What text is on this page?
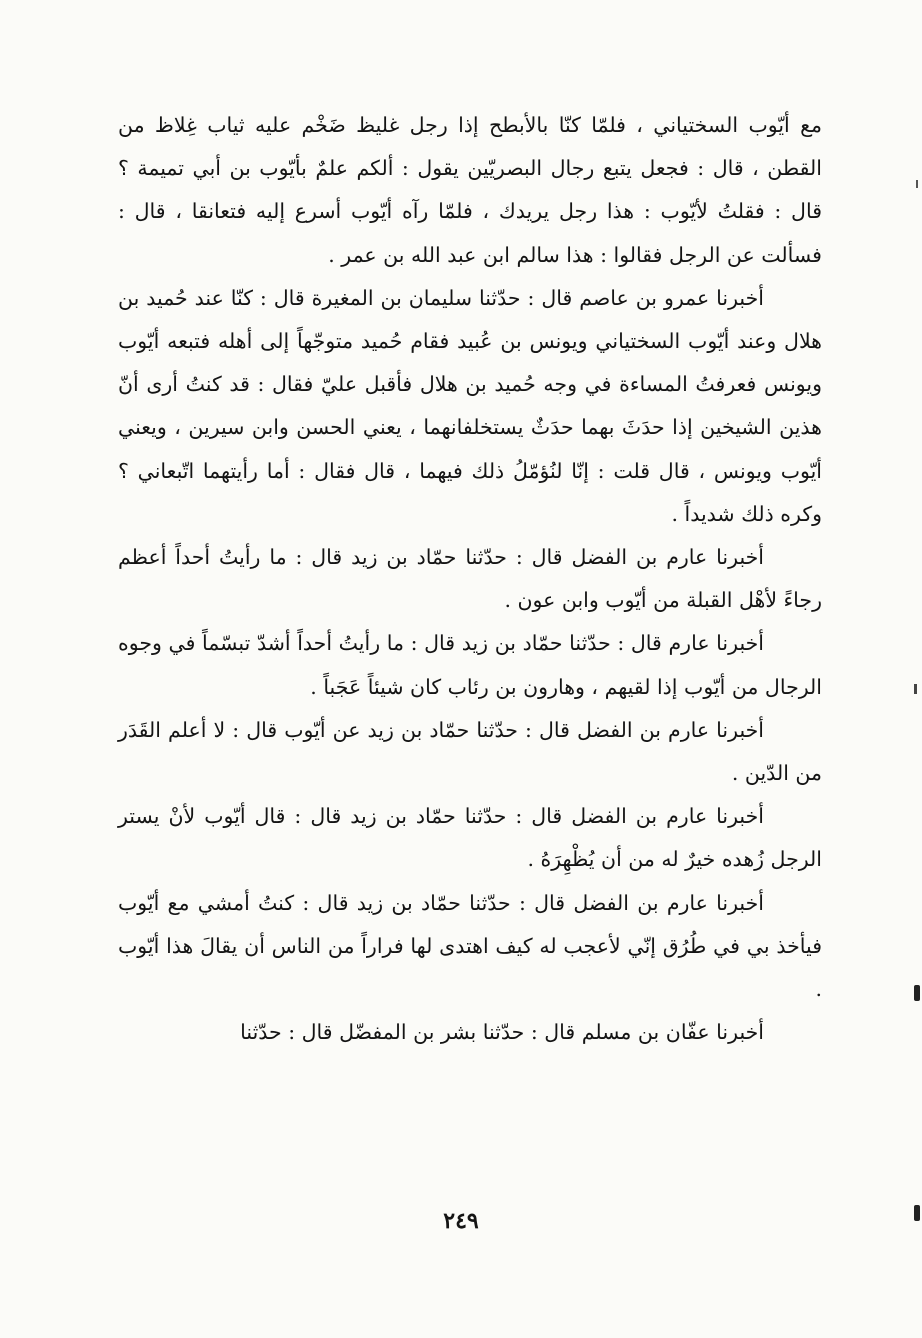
مع أيّوب السختياني ، فلمّا كنّا بالأبطح إذا رجل غليظ ضَخْم عليه ثياب غِلاظ من القطن ، قال : فجعل يتبع رجال البصريّين يقول : ألكم علمٌ بأيّوب بن أبي تميمة ؟ قال : فقلتُ لأيّوب : هذا رجل يريدك ، فلمّا رآه أيّوب أسرع إليه فتعانقا ، قال : فسألت عن الرجل فقالوا : هذا سالم ابن عبد الله بن عمر .

أخبرنا عمرو بن عاصم قال : حدّثنا سليمان بن المغيرة قال : كنّا عند حُميد بن هلال وعند أيّوب السختياني ويونس بن عُبيد فقام حُميد متوجّهاً إلى أهله فتبعه أيّوب ويونس فعرفتُ المساءة في وجه حُميد بن هلال فأقبل عليّ فقال : قد كنتُ أرى أنّ هذين الشيخين إذا حدَثَ بهما حدَثٌ يستخلفانهما ، يعني الحسن وابن سيرين ، ويعني أيّوب ويونس ، قال قلت : إنّا لنُؤمّلُ ذلك فيهما ، قال فقال : أما رأيتهما اتّبعاني ؟ وكره ذلك شديداً .

أخبرنا عارم بن الفضل قال : حدّثنا حمّاد بن زيد قال : ما رأيتُ أحداً أعظم رجاءً لأهْل القبلة من أيّوب وابن عون .

أخبرنا عارم قال : حدّثنا حمّاد بن زيد قال : ما رأيتُ أحداً أشدّ تبسّماً في وجوه الرجال من أيّوب إذا لقيهم ، وهارون بن رئاب كان شيئاً عَجَباً .

أخبرنا عارم بن الفضل قال : حدّثنا حمّاد بن زيد عن أيّوب قال : لا أعلم القَدَر من الدّين .

أخبرنا عارم بن الفضل قال : حدّثنا حمّاد بن زيد قال : قال أيّوب لأنْ يستر الرجل زُهده خيرٌ له من أن يُظْهِرَهُ .

أخبرنا عارم بن الفضل قال : حدّثنا حمّاد بن زيد قال : كنتُ أمشي مع أيّوب فيأخذ بي في طُرُق إنّي لأعجب له كيف اهتدى لها فراراً من الناس أن يقالَ هذا أيّوب .

أخبرنا عفّان بن مسلم قال : حدّثنا بشر بن المفضّل قال : حدّثنا

٢٤٩
